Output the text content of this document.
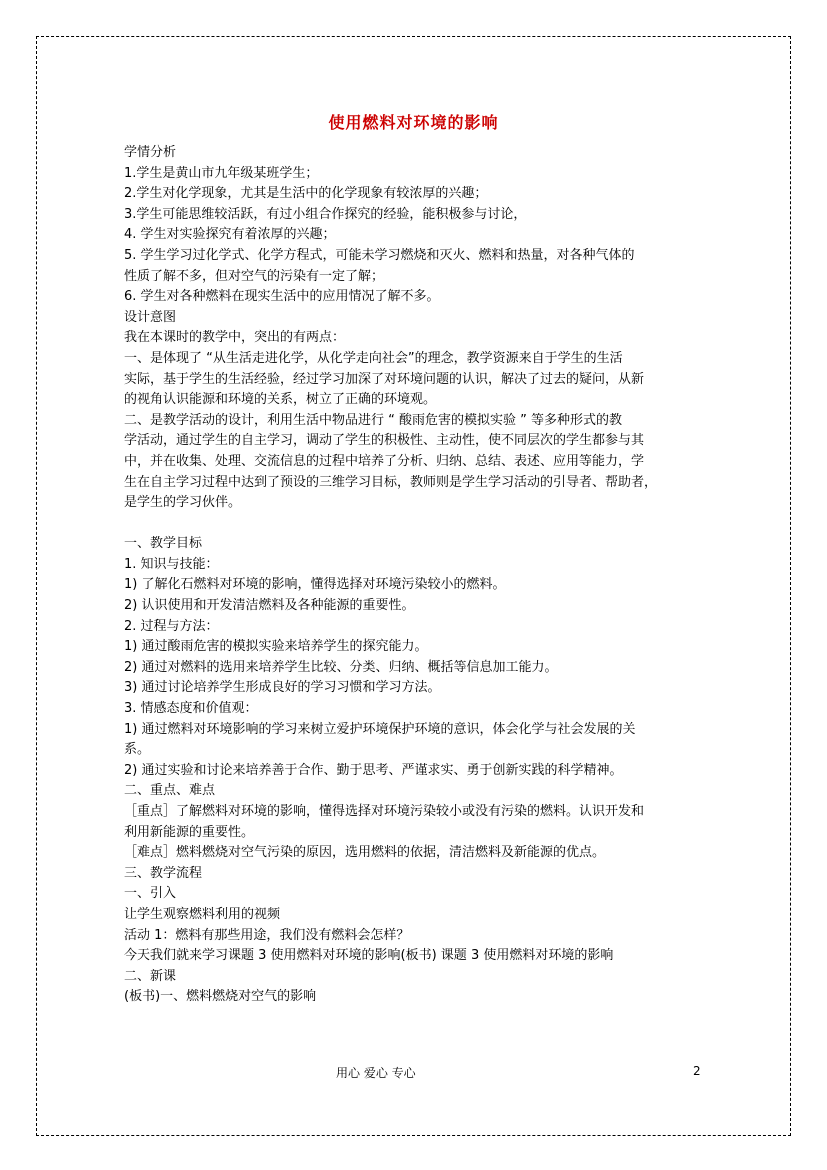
使用燃料对环境的影响
学情分析
1.学生是黄山市九年级某班学生；
2.学生对化学现象，尤其是生活中的化学现象有较浓厚的兴趣；
3.学生可能思维较活跃，有过小组合作探究的经验，能积极参与讨论，
4. 学生对实验探究有着浓厚的兴趣；
5. 学生学习过化学式、化学方程式，可能未学习燃烧和灭火、燃料和热量，对各种气体的
性质了解不多，但对空气的污染有一定了解；
6. 学生对各种燃料在现实生活中的应用情况了解不多。
设计意图
我在本课时的教学中，突出的有两点：
一、是体现了 “从生活走进化学，从化学走向社会”的理念，教学资源来自于学生的生活
实际，基于学生的生活经验，经过学习加深了对环境问题的认识，解决了过去的疑问，从新
的视角认识能源和环境的关系，树立了正确的环境观。
二、是教学活动的设计，利用生活中物品进行 “ 酸雨危害的模拟实验 ” 等多种形式的教
学活动，通过学生的自主学习，调动了学生的积极性、主动性，使不同层次的学生都参与其
中，并在收集、处理、交流信息的过程中培养了分析、归纳、总结、表述、应用等能力，学
生在自主学习过程中达到了预设的三维学习目标，教师则是学生学习活动的引导者、帮助者，
是学生的学习伙伴。
一、教学目标
1. 知识与技能：
1) 了解化石燃料对环境的影响，懂得选择对环境污染较小的燃料。
2) 认识使用和开发清洁燃料及各种能源的重要性。
2. 过程与方法：
1) 通过酸雨危害的模拟实验来培养学生的探究能力。
2) 通过对燃料的选用来培养学生比较、分类、归纳、概括等信息加工能力。
3) 通过讨论培养学生形成良好的学习习惯和学习方法。
3. 情感态度和价值观：
1) 通过燃料对环境影响的学习来树立爱护环境保护环境的意识，体会化学与社会发展的关
系。
2) 通过实验和讨论来培养善于合作、勤于思考、严谨求实、勇于创新实践的科学精神。
二、重点、难点
［重点］了解燃料对环境的影响，懂得选择对环境污染较小或没有污染的燃料。认识开发和
利用新能源的重要性。
［难点］燃料燃烧对空气污染的原因，选用燃料的依据，清洁燃料及新能源的优点。
三、教学流程
一、引入
让学生观察燃料利用的视频
活动 1：燃料有那些用途，我们没有燃料会怎样？
今天我们就来学习课题 3 使用燃料对环境的影响(板书) 课题 3 使用燃料对环境的影响
二、新课
(板书)一、燃料燃烧对空气的影响
用心 爱心 专心	2
